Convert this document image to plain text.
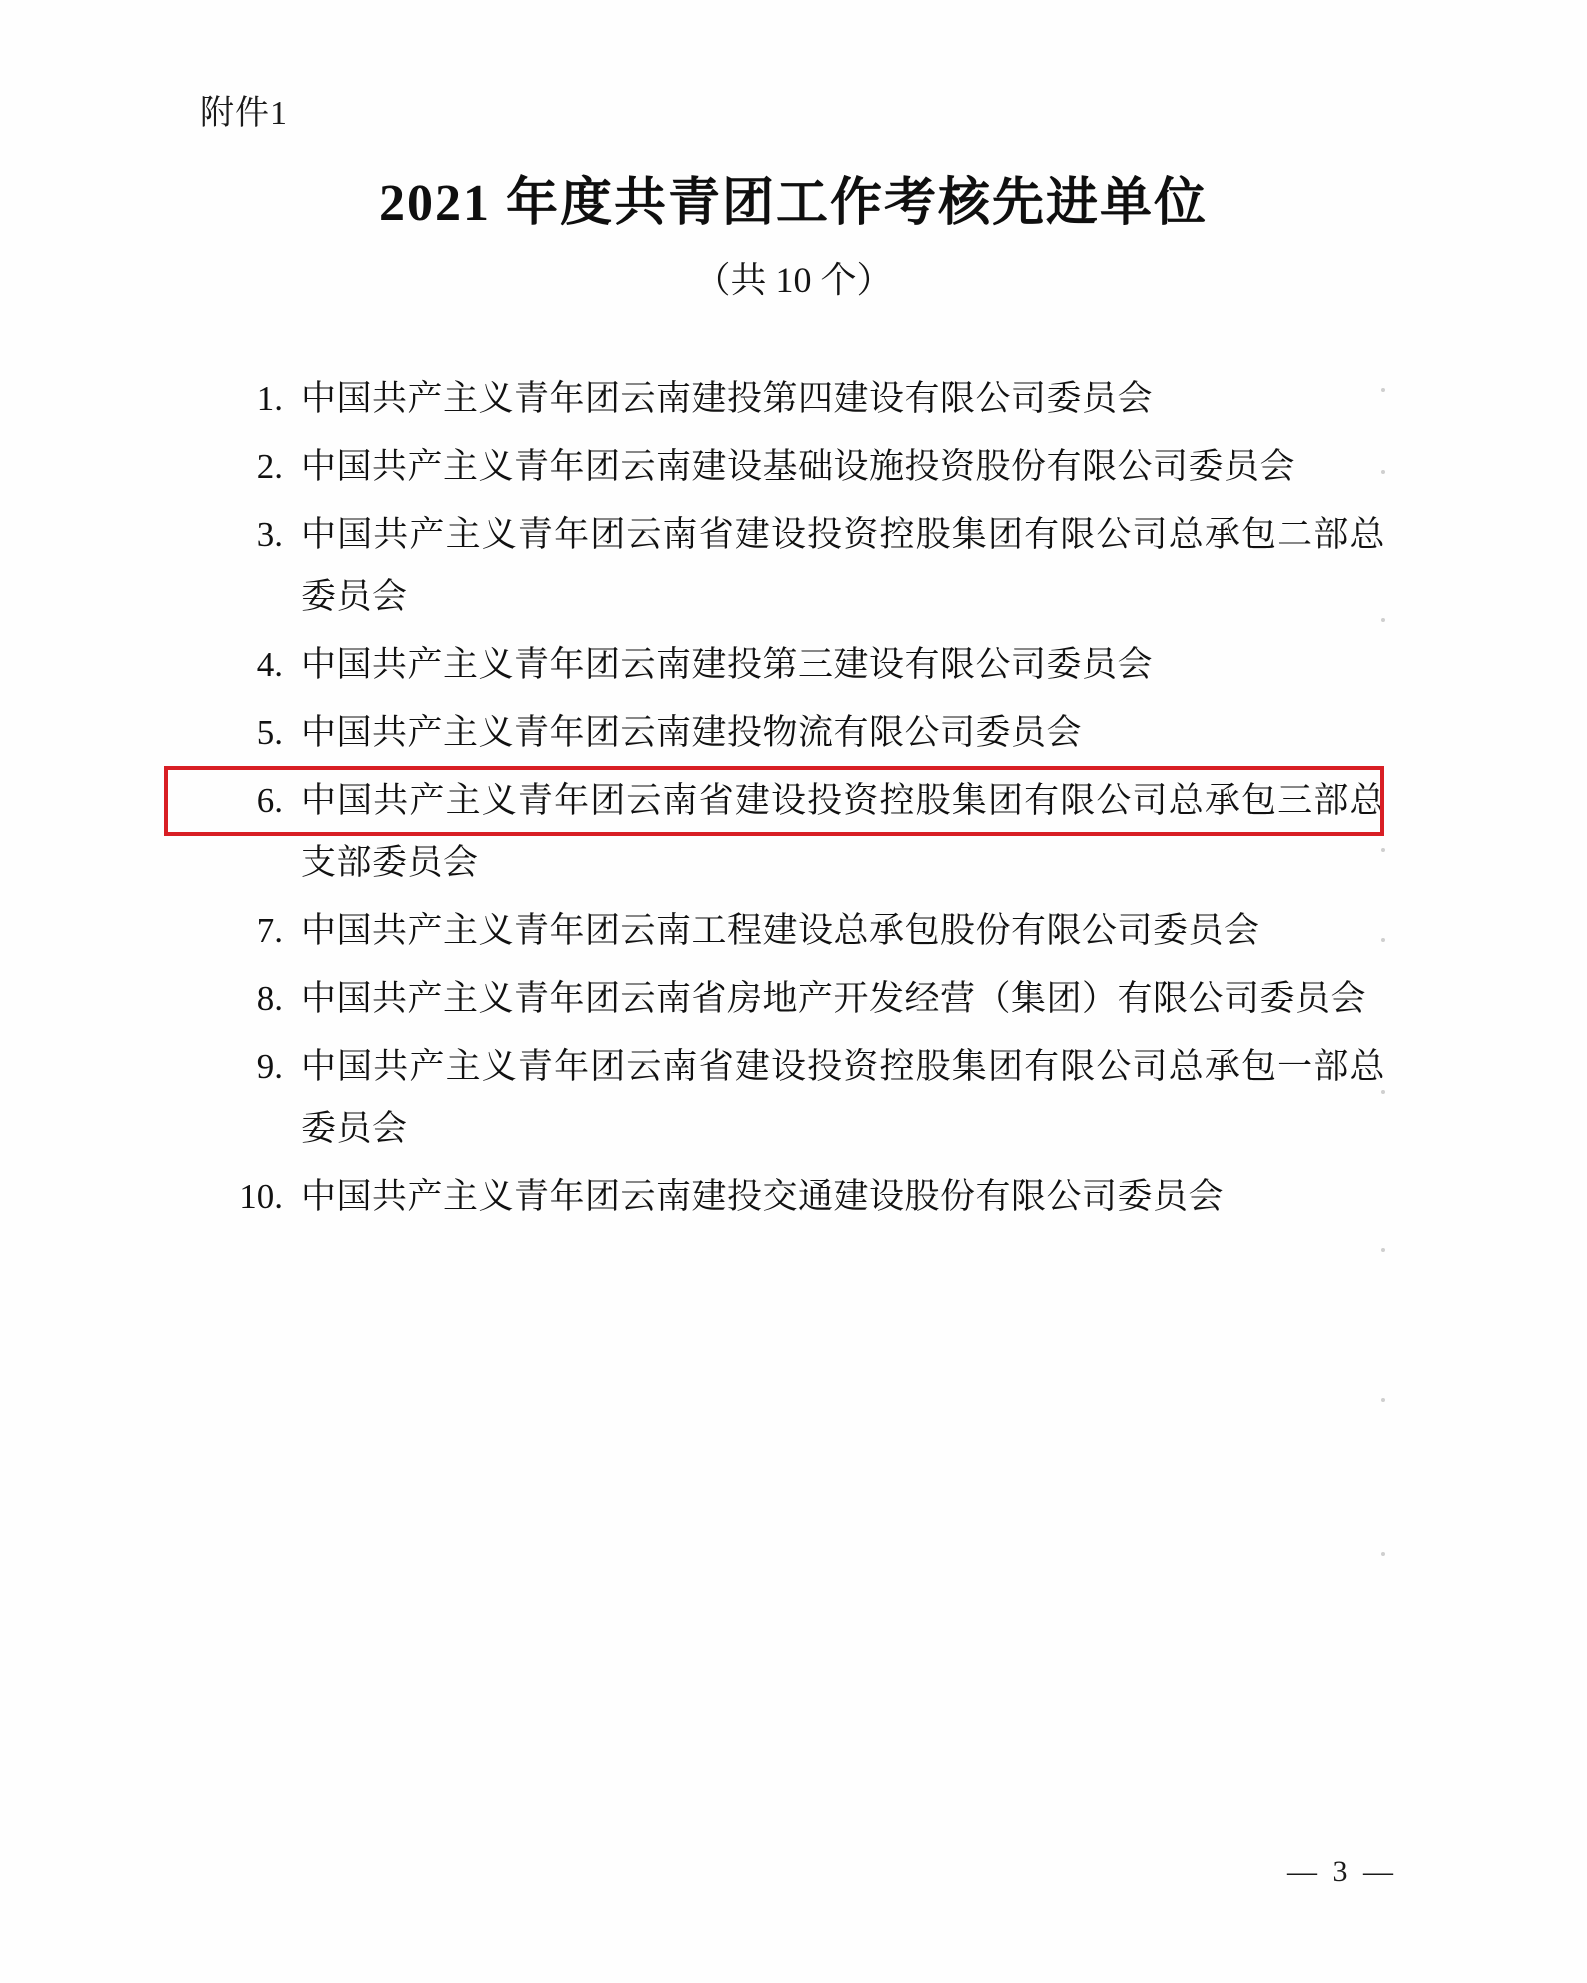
附件1
2021 年度共青团工作考核先进单位
（共 10 个）
1. 中国共产主义青年团云南建投第四建设有限公司委员会
2. 中国共产主义青年团云南建设基础设施投资股份有限公司委员会
3. 中国共产主义青年团云南省建设投资控股集团有限公司总承包二部总委员会
4. 中国共产主义青年团云南建投第三建设有限公司委员会
5. 中国共产主义青年团云南建投物流有限公司委员会
6. 中国共产主义青年团云南省建设投资控股集团有限公司总承包三部总支部委员会
7. 中国共产主义青年团云南工程建设总承包股份有限公司委员会
8. 中国共产主义青年团云南省房地产开发经营（集团）有限公司委员会
9. 中国共产主义青年团云南省建设投资控股集团有限公司总承包一部总委员会
10. 中国共产主义青年团云南建投交通建设股份有限公司委员会
— 3 —
